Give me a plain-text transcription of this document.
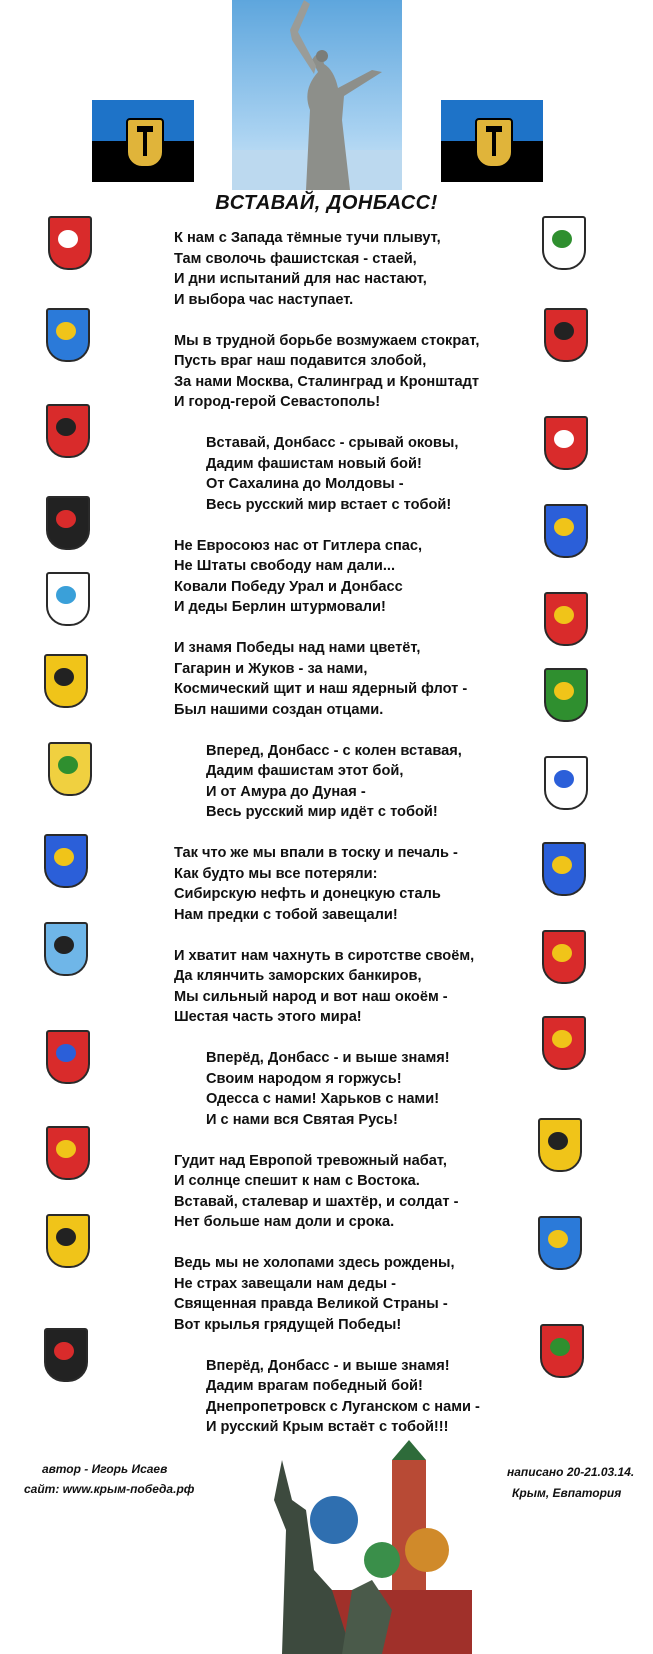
ВСТАВАЙ, ДОНБАСС!
К нам с Запада тёмные тучи плывут,
Там сволочь фашистская - стаей,
И дни испытаний для нас настают,
И выбора час наступает.
Мы в трудной борьбе возмужаем стократ,
Пусть враг наш подавится злобой,
За нами Москва, Сталинград и Кронштадт
И город-герой Севастополь!
Вставай, Донбасс - срывай оковы,
Дадим фашистам новый бой!
От Сахалина до Молдовы -
Весь русский мир встает с тобой!
Не Евросоюз нас от Гитлера спас,
Не Штаты свободу нам дали...
Ковали Победу Урал и Донбасс
И деды Берлин штурмовали!
И знамя Победы над нами цветёт,
Гагарин и Жуков - за нами,
Космический щит и наш ядерный флот -
Был нашими создан отцами.
Вперед, Донбасс - с колен вставая,
Дадим фашистам этот бой,
И от Амура до Дуная -
Весь русский мир идёт с тобой!
Так что же мы впали в тоску и печаль -
Как будто мы все потеряли:
Сибирскую нефть и донецкую сталь
Нам предки с тобой завещали!
И хватит нам чахнуть в сиротстве своём,
Да клянчить заморских банкиров,
Мы сильный народ и вот наш окоём -
Шестая часть этого мира!
Вперёд, Донбасс - и выше знамя!
Своим народом я горжусь!
Одесса с нами! Харьков с нами!
И с нами вся Святая Русь!
Гудит над Европой тревожный набат,
И солнце спешит к нам с Востока.
Вставай, сталевар и шахтёр, и солдат -
Нет больше нам доли и срока.
Ведь мы не холопами здесь рождены,
Не страх завещали нам деды -
Священная правда Великой Страны -
Вот крылья грядущей Победы!
Вперёд, Донбасс - и выше знамя!
Дадим врагам победный бой!
Днепропетровск с Луганском с нами -
И русский Крым встаёт с тобой!!!
автор - Игорь Исаев
сайт: www.крым-победа.рф
написано 20-21.03.14.
Крым, Евпатория
